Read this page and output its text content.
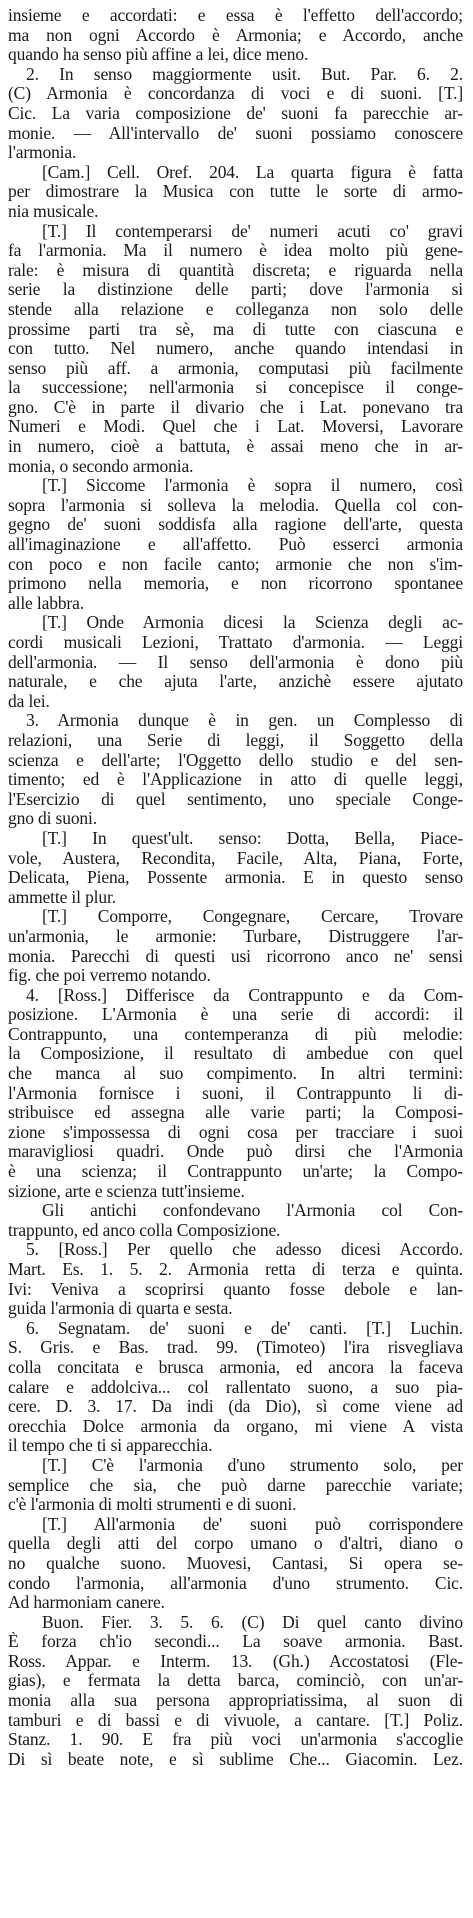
insieme e accordati: e essa è l'effetto dell'accordo;
ma non ogni Accordo è Armonia; e Accordo, anche
quando ha senso più affine a lei, dice meno.
2. In senso maggiormente usit. But. Par. 6. 2.
(C) Armonia è concordanza di voci e di suoni. [T.]
Cic. La varia composizione de' suoni fa parecchie ar-
monie. — All'intervallo de' suoni possiamo conoscere
l'armonia.
[Cam.] Cell. Oref. 204. La quarta figura è fatta
per dimostrare la Musica con tutte le sorte di armo-
nia musicale.
[T.] Il contemperarsi de' numeri acuti co' gravi
fa l'armonia. Ma il numero è idea molto più gene-
rale: è misura di quantità discreta; e riguarda nella
serie la distinzione delle parti; dove l'armonia si
stende alla relazione e colleganza non solo delle
prossime parti tra sè, ma di tutte con ciascuna e
con tutto. Nel numero, anche quando intendasi in
senso più aff. a armonia, computasi più facilmente
la successione; nell'armonia si concepisce il conge-
gno. C'è in parte il divario che i Lat. ponevano tra
Numeri e Modi. Quel che i Lat. Moversi, Lavorare
in numero, cioè a battuta, è assai meno che in ar-
monia, o secondo armonia.
[T.] Siccome l'armonia è sopra il numero, così
sopra l'armonia si solleva la melodia. Quella col con-
gegno de' suoni soddisfa alla ragione dell'arte, questa
all'imaginazione e all'affetto. Può esserci armonia
con poco e non facile canto; armonie che non s'im-
primono nella memoria, e non ricorrono spontanee
alle labbra.
[T.] Onde Armonia dicesi la Scienza degli ac-
cordi musicali Lezioni, Trattato d'armonia. — Leggi
dell'armonia. — Il senso dell'armonia è dono più
naturale, e che ajuta l'arte, anzichè essere ajutato
da lei.
3. Armonia dunque è in gen. un Complesso di
relazioni, una Serie di leggi, il Soggetto della
scienza e dell'arte; l'Oggetto dello studio e del sen-
timento; ed è l'Applicazione in atto di quelle leggi,
l'Esercizio di quel sentimento, uno speciale Conge-
gno di suoni.
[T.] In quest'ult. senso: Dotta, Bella, Piace-
vole, Austera, Recondita, Facile, Alta, Piana, Forte,
Delicata, Piena, Possente armonia. E in questo senso
ammette il plur.
[T.] Comporre, Congegnare, Cercare, Trovare
un'armonia, le armonie: Turbare, Distruggere l'ar-
monia. Parecchi di questi usi ricorrono anco ne' sensi
fig. che poi verremo notando.
4. [Ross.] Differisce da Contrappunto e da Com-
posizione. L'Armonia è una serie di accordi: il
Contrappunto, una contemperanza di più melodie:
la Composizione, il resultato di ambedue con quel
che manca al suo compimento. In altri termini:
l'Armonia fornisce i suoni, il Contrappunto li di-
stribuisce ed assegna alle varie parti; la Composi-
zione s'impossessa di ogni cosa per tracciare i suoi
maravigliosi quadri. Onde può dirsi che l'Armonia
è una scienza; il Contrappunto un'arte; la Compo-
sizione, arte e scienza tutt'insieme.
Gli antichi confondevano l'Armonia col Con-
trappunto, ed anco colla Composizione.
5. [Ross.] Per quello che adesso dicesi Accordo.
Mart. Es. 1. 5. 2. Armonia retta di terza e quinta.
Ivi: Veniva a scoprirsi quanto fosse debole e lan-
guida l'armonia di quarta e sesta.
6. Segnatam. de' suoni e de' canti. [T.] Luchin.
S. Gris. e Bas. trad. 99. (Timoteo) l'ira risvegliava
colla concitata e brusca armonia, ed ancora la faceva
calare e addolciva... col rallentato suono, a suo pia-
cere. D. 3. 17. Da indi (da Dio), sì come viene ad
orecchia Dolce armonia da organo, mi viene A vista
il tempo che ti si apparecchia.
[T.] C'è l'armonia d'uno strumento solo, per
semplice che sia, che può darne parecchie variate;
c'è l'armonia di molti strumenti e di suoni.
[T.] All'armonia de' suoni può corrispondere
quella degli atti del corpo umano o d'altri, diano o
no qualche suono. Muovesi, Cantasi, Si opera se-
condo l'armonia, all'armonia d'uno strumento. Cic.
Ad harmoniam canere.
Buon. Fier. 3. 5. 6. (C) Di quel canto divino
È forza ch'io secondi... La soave armonia. Bast.
Ross. Appar. e Interm. 13. (Gh.) Accostatosi (Fle-
gias), e fermata la detta barca, cominciò, con un'ar-
monia alla sua persona appropriatissima, al suon di
tamburi e di bassi e di vivuole, a cantare. [T.] Poliz.
Stanz. 1. 90. E fra più voci un'armonia s'accoglie
Di sì beate note, e sì sublime Che... Giacomin. Lez.
